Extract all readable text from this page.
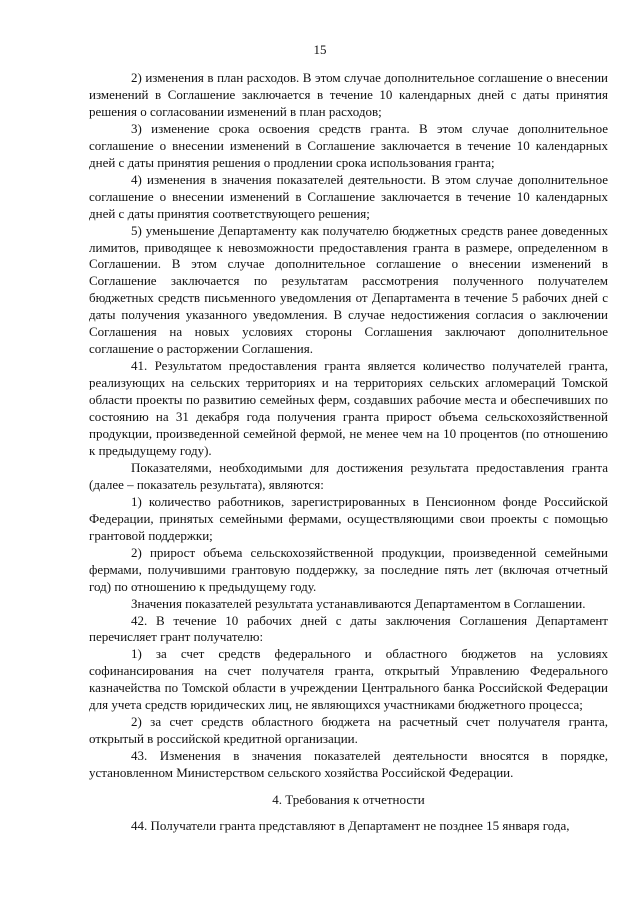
15

2) изменения в план расходов. В этом случае дополнительное соглашение о внесении изменений в Соглашение заключается в течение 10 календарных дней с даты принятия решения о согласовании изменений в план расходов;

3) изменение срока освоения средств гранта. В этом случае дополнительное соглашение о внесении изменений в Соглашение заключается в течение 10 календарных дней с даты принятия решения о продлении срока использования гранта;

4) изменения в значения показателей деятельности. В этом случае дополнительное соглашение о внесении изменений в Соглашение заключается в течение 10 календарных дней с даты принятия соответствующего решения;

5) уменьшение Департаменту как получателю бюджетных средств ранее доведенных лимитов, приводящее к невозможности предоставления гранта в размере, определенном в Соглашении. В этом случае дополнительное соглашение о внесении изменений в Соглашение заключается по результатам рассмотрения полученного получателем бюджетных средств письменного уведомления от Департамента в течение 5 рабочих дней с даты получения указанного уведомления. В случае недостижения согласия о заключении Соглашения на новых условиях стороны Соглашения заключают дополнительное соглашение о расторжении Соглашения.

41. Результатом предоставления гранта является количество получателей гранта, реализующих на сельских территориях и на территориях сельских агломераций Томской области проекты по развитию семейных ферм, создавших рабочие места и обеспечивших по состоянию на 31 декабря года получения гранта прирост объема сельскохозяйственной продукции, произведенной семейной фермой, не менее чем на 10 процентов (по отношению к предыдущему году).

Показателями, необходимыми для достижения результата предоставления гранта (далее – показатель результата), являются:

1) количество работников, зарегистрированных в Пенсионном фонде Российской Федерации, принятых семейными фермами, осуществляющими свои проекты с помощью грантовой поддержки;

2) прирост объема сельскохозяйственной продукции, произведенной семейными фермами, получившими грантовую поддержку, за последние пять лет (включая отчетный год) по отношению к предыдущему году.

Значения показателей результата устанавливаются Департаментом в Соглашении.

42. В течение 10 рабочих дней с даты заключения Соглашения Департамент перечисляет грант получателю:

1) за счет средств федерального и областного бюджетов на условиях софинансирования на счет получателя гранта, открытый Управлению Федерального казначейства по Томской области в учреждении Центрального банка Российской Федерации для учета средств юридических лиц, не являющихся участниками бюджетного процесса;

2) за счет средств областного бюджета на расчетный счет получателя гранта, открытый в российской кредитной организации.

43. Изменения в значения показателей деятельности вносятся в порядке, установленном Министерством сельского хозяйства Российской Федерации.

4. Требования к отчетности

44. Получатели гранта представляют в Департамент не позднее 15 января года,
